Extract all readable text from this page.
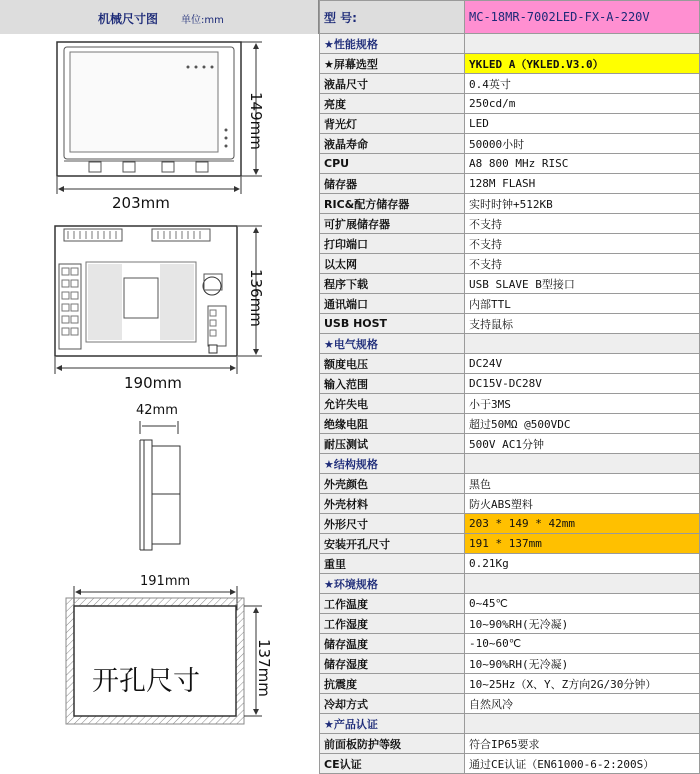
机械尺寸图 单位:mm
203mm
149mm
190mm
136mm
42mm
191mm
开孔尺寸	137mm
型 号:	MC-18MR-7002LED-FX-A-220V
★性能规格	
★屏幕选型	YKLED A（YKLED.V3.0）
液晶尺寸	0.4英寸
亮度	250cd/m
背光灯	LED
液晶寿命	50000小时
CPU	A8 800 MHz RISC
储存器	128M FLASH
RIC&配方储存器	实时时钟+512KB
可扩展储存器	不支持
打印端口	不支持
以太网	不支持
程序下载	USB SLAVE B型接口
通讯端口	内部TTL
USB HOST	支持鼠标
★电气规格	
额度电压	DC24V
输入范围	DC15V-DC28V
允许失电	小于3MS
绝缘电阻	超过50MΩ @500VDC
耐压测试	500V AC1分钟
★结构规格	
外壳颜色	黑色
外壳材料	防火ABS塑料
外形尺寸	203 * 149 * 42mm
安装开孔尺寸	191 * 137mm
重里	0.21Kg
★环境规格	
工作温度	0~45℃
工作湿度	10~90%RH(无冷凝)
储存温度	-10~60℃
储存湿度	10~90%RH(无冷凝)
抗震度	10~25Hz（X、Y、Z方向2G/30分钟）
冷却方式	自然风冷
★产品认证	
前面板防护等级	符合IP65要求
CE认证	通过CE认证（EN61000-6-2:200S）
